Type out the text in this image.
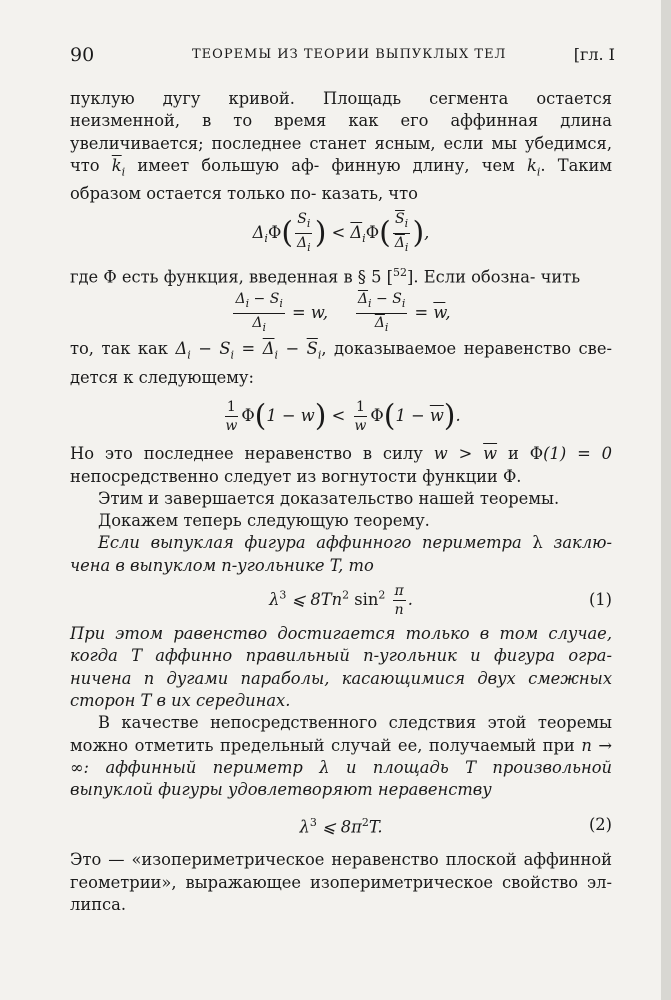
90	ТЕОРЕМЫ ИЗ ТЕОРИИ ВЫПУКЛЫХ ТЕЛ	[гл. I

пуклую дугу кривой. Площадь сегмента остается неизменной, в то время как его аффинная длина увеличивается; последнее станет ясным, если мы убедимся, что $\overline{k}_i$ имеет большую аф- финную длину, чем $k_i$. Таким образом остается только по- казать, что

$\Delta_i\Phi( \frac{S_i}{\Delta_i}$ ) < $\overline{\Delta}_i\Phi( \frac{\overline{S}_i}{\overline{\Delta}_i}$ ),

где Φ есть функция, введенная в § 5 [$^{52}$]. Если обозна- чить

$\frac{\Delta_i - S_i}{\Delta_i} = w$, $\frac{\overline{\Delta}_i - S_i}{\overline{\Delta}_i} = \overline{w}$,

то, так как $\Delta_i - S_i = \overline{\Delta}_i - \overline{S}_i$, доказываемое неравенство све- дется к следующему:

$\frac{1}{w} \Phi(1 - w) < \frac{1}{w} \Phi(1 - \overline{w})$.

Но это последнее неравенство в силу $w > \overline{w}$ и Φ(1) = 0 непосредственно следует из вогнутости функции Φ.

Этим и завершается доказательство нашей теоремы.

Докажем теперь следующую теорему.

Если выпуклая фигура аффинного периметра λ заклю- чена в выпуклом n-угольнике T, то

$\lambda^3$ ⩽ 8Tn$^2$ $\sin^2 \frac{\pi}{n}$ .	(1)

При этом равенство достигается только в том случае, когда T аффинно правильный n-угольник и фигура огра- ничена n дугами параболы, касающимися двух смежных сторон T в их серединах.

В качестве непосредственного следствия этой теоремы можно отметить предельный случай ее, получаемый при n → ∞: аффинный периметр λ и площадь T произвольной выпуклой фигуры удовлетворяют неравенству

$\lambda^3$ ⩽ $8\pi^2T$.	(2)

Это — «изопериметрическое неравенство плоской аффинной геометрии», выражающее изопериметрическое свойство эл- липса.
